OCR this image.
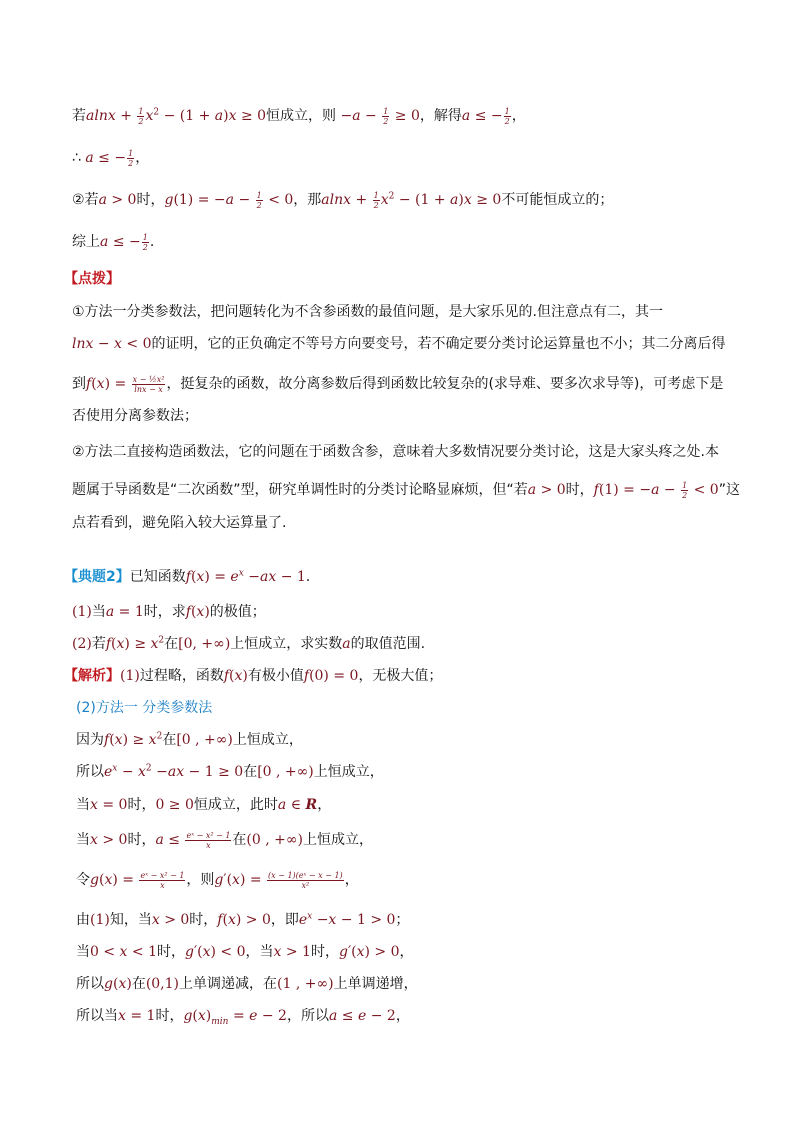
若$alnx + \frac{1}{2} x^2 - (1 + a)x \ge 0$恒成立，则 $-a - \frac{1}{2} \ge 0$，解得a ≤ − $\frac{1}{2}$ ，
∴ a ≤ − $\frac{1}{2}$ ，
②若a > 0时，$g(1) = -a - \frac{1}{2} < 0$，那$alnx + \frac{1}{2} x^2 - (1 + a)x \ge 0$不可能恒成立的；
综上a ≤ − $\frac{1}{2}$ .
【点拨】
①方法一分类参数法，把问题转化为不含参函数的最值问题，是大家乐见的.但注意点有二，其一
lnx − x < 0的证明，它的正负确定不等号方向要变号，若不确定要分类讨论运算量也不小；其二分离后得
到$f(x) = \frac{\text{x − ½x²}}{\ln x - x}$ ，挺复杂的函数，故分离参数后得到函数比较复杂的(求导难、要多次求导等)，可考虑下是
否使用分离参数法；
②方法二直接构造函数法，它的问题在于函数含参，意味着大多数情况要分类讨论，这是大家头疼之处.本
题属于导函数是“二次函数”型，研究单调性时的分类讨论略显麻烦，但“若a > 0时，$f(1) = -a - \frac{1}{2} < 0$”这
点若看到，避免陷入较大运算量了.
【典题2】已知函数$f(x) = e^x -ax - 1$.
(1)当a = 1时，求f(x)的极值；
(2)若$f(x) \ge x^2$在[0, +∞)上恒成立，求实数a的取值范围.
【解析】(1)过程略，函数f(x)有极小值f(0) = 0，无极大值；
(2)方法一 分类参数法
因为$f(x) \ge x^2$在[0 , +∞)上恒成立，
所以$e^x - x^2 -ax - 1 \ge 0$在[0 , +∞)上恒成立，
当x = 0时，0 ≥ 0恒成立，此时a ∈ R，
当x > 0时，$a \le \frac{\text{eˣ − x² − 1}}{x}$ 在(0 , +∞)上恒成立，
令$g(x) = \frac{\text{eˣ − x² − 1}}{x}$ ，则$g'(x) = \frac{\text{(x − 1)(eˣ − x − 1)}}{\text{x²}}$ ，
由(1)知，当x > 0时，f(x) > 0，即$e^x -x - 1 > 0$；
当0 < x < 1时，g′(x) < 0，当x > 1时，g′(x) > 0，
所以g(x)在(0,1)上单调递减，在(1 , +∞)上单调递增，
所以当x = 1时，$g(x)_{min} = e - 2$，所以a ≤ e − 2，
